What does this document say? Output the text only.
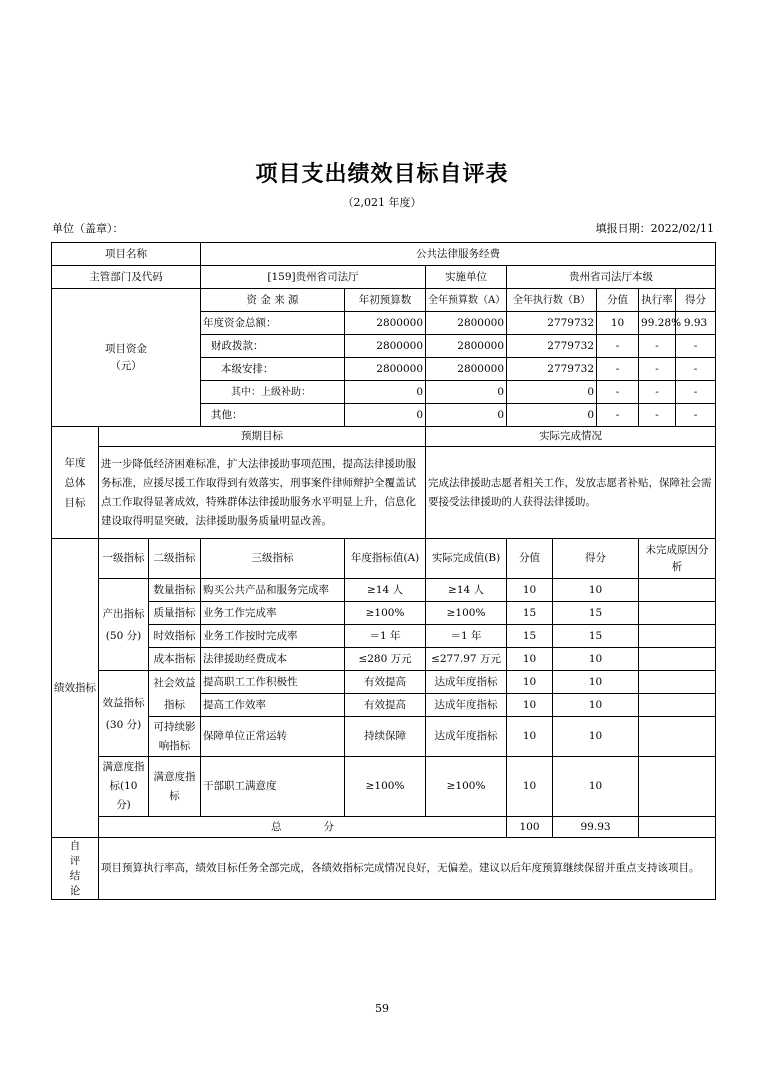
项目支出绩效目标自评表
（2,021 年度）
单位（盖章）：	填报日期：2022/02/11
项目名称			公共法律服务经费							
主管部门及代码			[159]贵州省司法厅		实施单位	贵州省司法厅本级				
项目资金
（元）			资 金 来 源	年初预算数	全年预算数（A）	全年执行数（B）		分值	执行率	得分
			年度资金总额：	2800000	2800000	2779732		10	99.28%	9.93
			财政拨款：	2800000	2800000	2779732		-	-	-
			本级安排：	2800000	2800000	2779732		-	-	-
			其中：上级补助：	0	0	0		-	-	-
			其他：	0	0	0		-	-	-
年度
总体
目标	预期目标				实际完成情况					
	进一步降低经济困难标准，扩大法律援助事项范围，提高法律援助服务标准，应援尽援工作取得到有效落实，刑事案件律师辩护全覆盖试点工作取得显著成效，特殊群体法律援助服务水平明显上升，信息化建设取得明显突破，法律援助服务质量明显改善。				完成法律援助志愿者相关工作，发放志愿者补贴，保障社会需要接受法律援助的人获得法律援助。					
绩效指标	一级指标	二级指标	三级指标	年度指标值(A)	实际完成值(B)	分值	得分		未完成原因分析	
	产出指标(50 分)	数量指标	购买公共产品和服务完成率	≥14 人	≥14 人	10	10			
		质量指标	业务工作完成率	≥100%	≥100%	15	15			
		时效指标	业务工作按时完成率	＝1 年	＝1 年	15	15			
		成本指标	法律援助经费成本	≤280 万元	≤277.97 万元	10	10			
	效益指标(30 分)	社会效益指标	提高职工工作积极性	有效提高	达成年度指标	10	10			
			提高工作效率	有效提高	达成年度指标	10	10			
		可持续影响指标	保障单位正常运转	持续保障	达成年度指标	10	10			
	满意度指标(10 分)	满意度指标	干部职工满意度	≥100%	≥100%	10	10			
	总　　　　分					100	99.93			
自　评　结　论	项目预算执行率高，绩效目标任务全部完成，各绩效指标完成情况良好，无偏差。建议以后年度预算继续保留并重点支持该项目。									
59
